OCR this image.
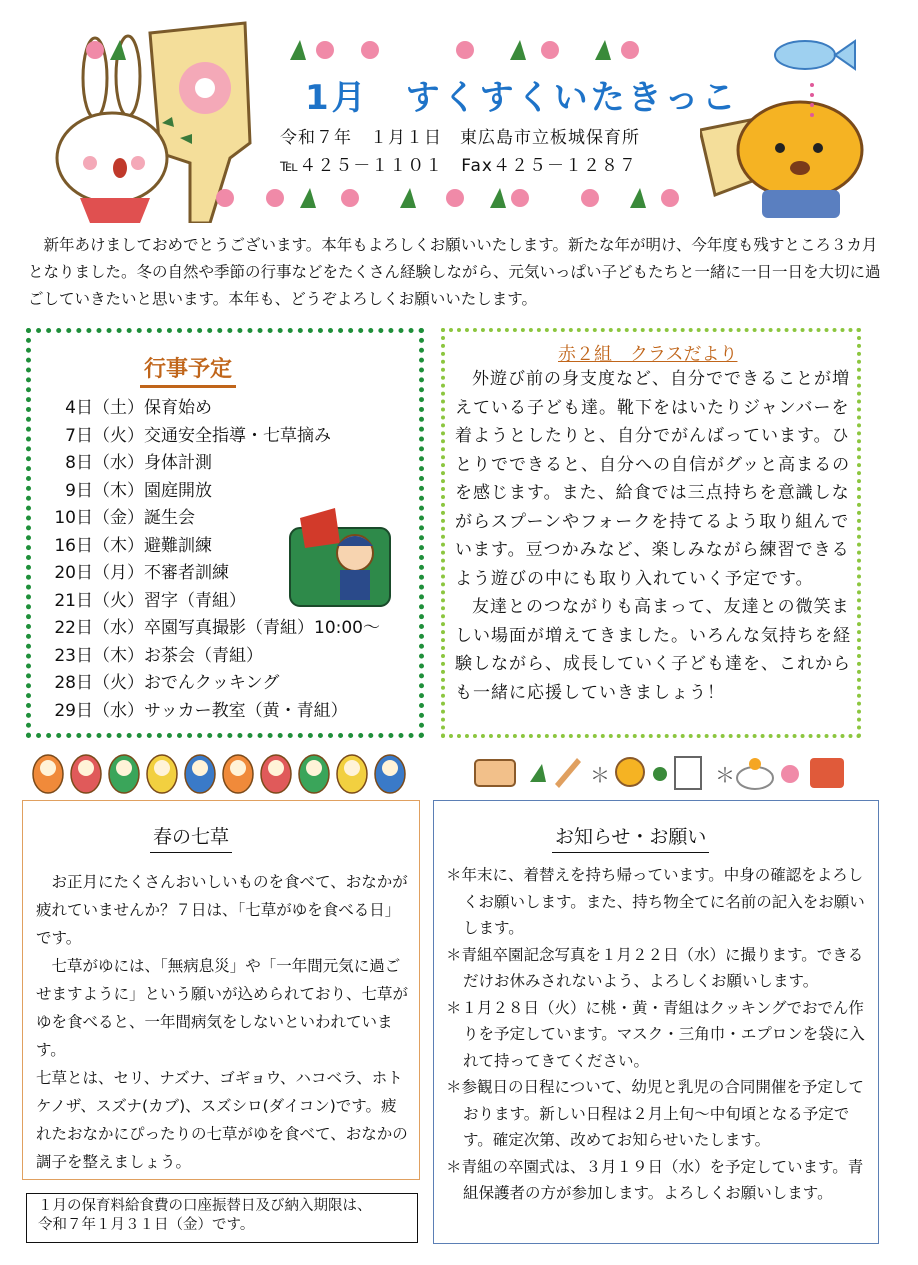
1月　すくすくいたきっこ
令和７年　１月１日　東広島市立板城保育所
℡４２５－１１０１　Fax４２５－１２８７

新年あけましておめでとうございます。本年もよろしくお願いいたします。新たな年が明け、今年度も残すところ３カ月となりました。冬の自然や季節の行事などをたくさん経験しながら、元気いっぱい子どもたちと一緒に一日一日を大切に過ごしていきたいと思います。本年も、どうぞよろしくお願いいたします。

行事予定
4日（土）保育始め
7日（火）交通安全指導・七草摘み
8日（水）身体計測
9日（木）園庭開放
10日（金）誕生会
16日（木）避難訓練
20日（月）不審者訓練
21日（火）習字（青組）
22日（水）卒園写真撮影（青組）10:00～
23日（木）お茶会（青組）
28日（火）おでんクッキング
29日（水）サッカー教室（黄・青組）
赤２組　クラスだより

外遊び前の身支度など、自分でできることが増えている子ども達。靴下をはいたりジャンバーを着ようとしたりと、自分でがんばっています。ひとりでできると、自分への自信がグッと高まるのを感じます。また、給食では三点持ちを意識しながらスプーンやフォークを持てるよう取り組んでいます。豆つかみなど、楽しみながら練習できるよう遊びの中にも取り入れていく予定です。

友達とのつながりも高まって、友達との微笑ましい場面が増えてきました。いろんな気持ちを経験しながら、成長していく子ども達を、これからも一緒に応援していきましょう！

＊	＊
春の七草

お正月にたくさんおいしいものを食べて、おなかが疲れていませんか？７日は、「七草がゆを食べる日」です。

七草がゆには、「無病息災」や「一年間元気に過ごせますように」という願いが込められており、七草がゆを食べると、一年間病気をしないといわれています。

七草とは、セリ、ナズナ、ゴギョウ、ハコベラ、ホトケノザ、スズナ(カブ)、スズシロ(ダイコン)です。疲れたおなかにぴったりの七草がゆを食べて、おなかの調子を整えましょう。

１月の保育料給食費の口座振替日及び納入期限は、

令和７年１月３１日（金）です。

お知らせ・お願い
＊年末に、着替えを持ち帰っています。中身の確認をよろしくお願いします。また、持ち物全てに名前の記入をお願いします。
＊青組卒園記念写真を１月２２日（水）に撮ります。できるだけお休みされないよう、よろしくお願いします。
＊１月２８日（火）に桃・黄・青組はクッキングでおでん作りを予定しています。マスク・三角巾・エプロンを袋に入れて持ってきてください。
＊参観日の日程について、幼児と乳児の合同開催を予定しております。新しい日程は２月上旬～中旬頃となる予定です。確定次第、改めてお知らせいたします。
＊青組の卒園式は、３月１９日（水）を予定しています。青組保護者の方が参加します。よろしくお願いします。
